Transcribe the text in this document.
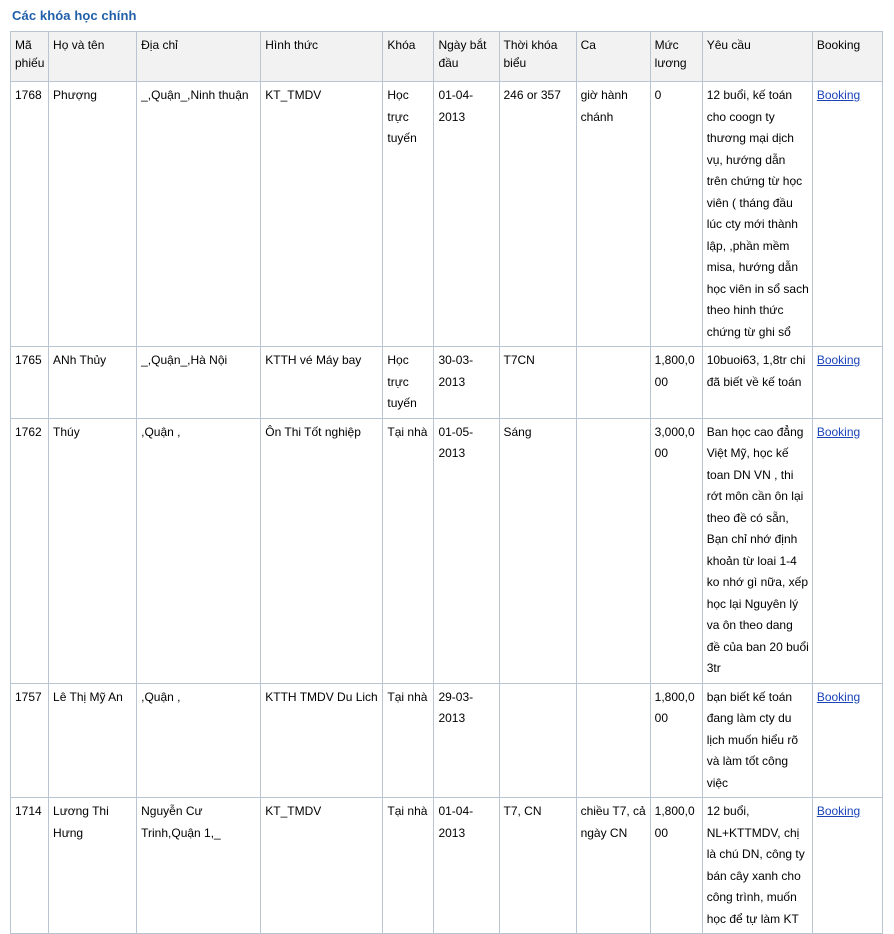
Các khóa học chính
Mã phiếu	Họ và tên	Địa chỉ	Hình thức	Khóa	Ngày bắt đầu	Thời khóa biểu	Ca	Mức lương	Yêu cầu	Booking
1768	Phượng	_,Quận_,Ninh thuận	KT_TMDV	Học trực tuyến	01-04-2013	246 or 357	giờ hành chánh	0	12 buổi, kế toán cho coogn ty thương mại dịch vụ, hướng dẫn trên chứng từ học viên ( tháng đầu lúc cty mới thành lập, ,phần mềm misa, hướng dẫn học viên in sổ sach theo hinh thức chứng từ ghi sổ	Booking
1765	ANh Thủy	_,Quận_,Hà Nội	KTTH vé Máy bay	Học trực tuyến	30-03-2013	T7CN		1,800,000	10buoi63, 1,8tr chi đã biết về kế toán	Booking
1762	Thúy	,Quận ,	Ôn Thi Tốt nghiệp	Tại nhà	01-05-2013	Sáng		3,000,000	Ban học cao đẳng Việt Mỹ, học kế toan DN VN , thi rớt môn cần ôn lại theo đề có sẵn, Bạn chỉ nhớ định khoản từ loai 1-4 ko nhớ gì nữa, xếp học lại Nguyên lý va ôn theo dang đề của ban 20 buổi 3tr	Booking
1757	Lê Thị Mỹ An	,Quận ,	KTTH TMDV Du Lich	Tại nhà	29-03-2013			1,800,000	bạn biết kế toán đang làm cty du lịch muốn hiểu rõ và làm tốt công việc	Booking
1714	Lương Thi Hưng	Nguyễn Cư Trinh,Quận 1,_	KT_TMDV	Tại nhà	01-04-2013	T7, CN	chiều T7, cả ngày CN	1,800,000	12 buổi, NL+KTTMDV, chị là chú DN, công ty bán cây xanh cho công trình, muốn học để tự làm KT	Booking
